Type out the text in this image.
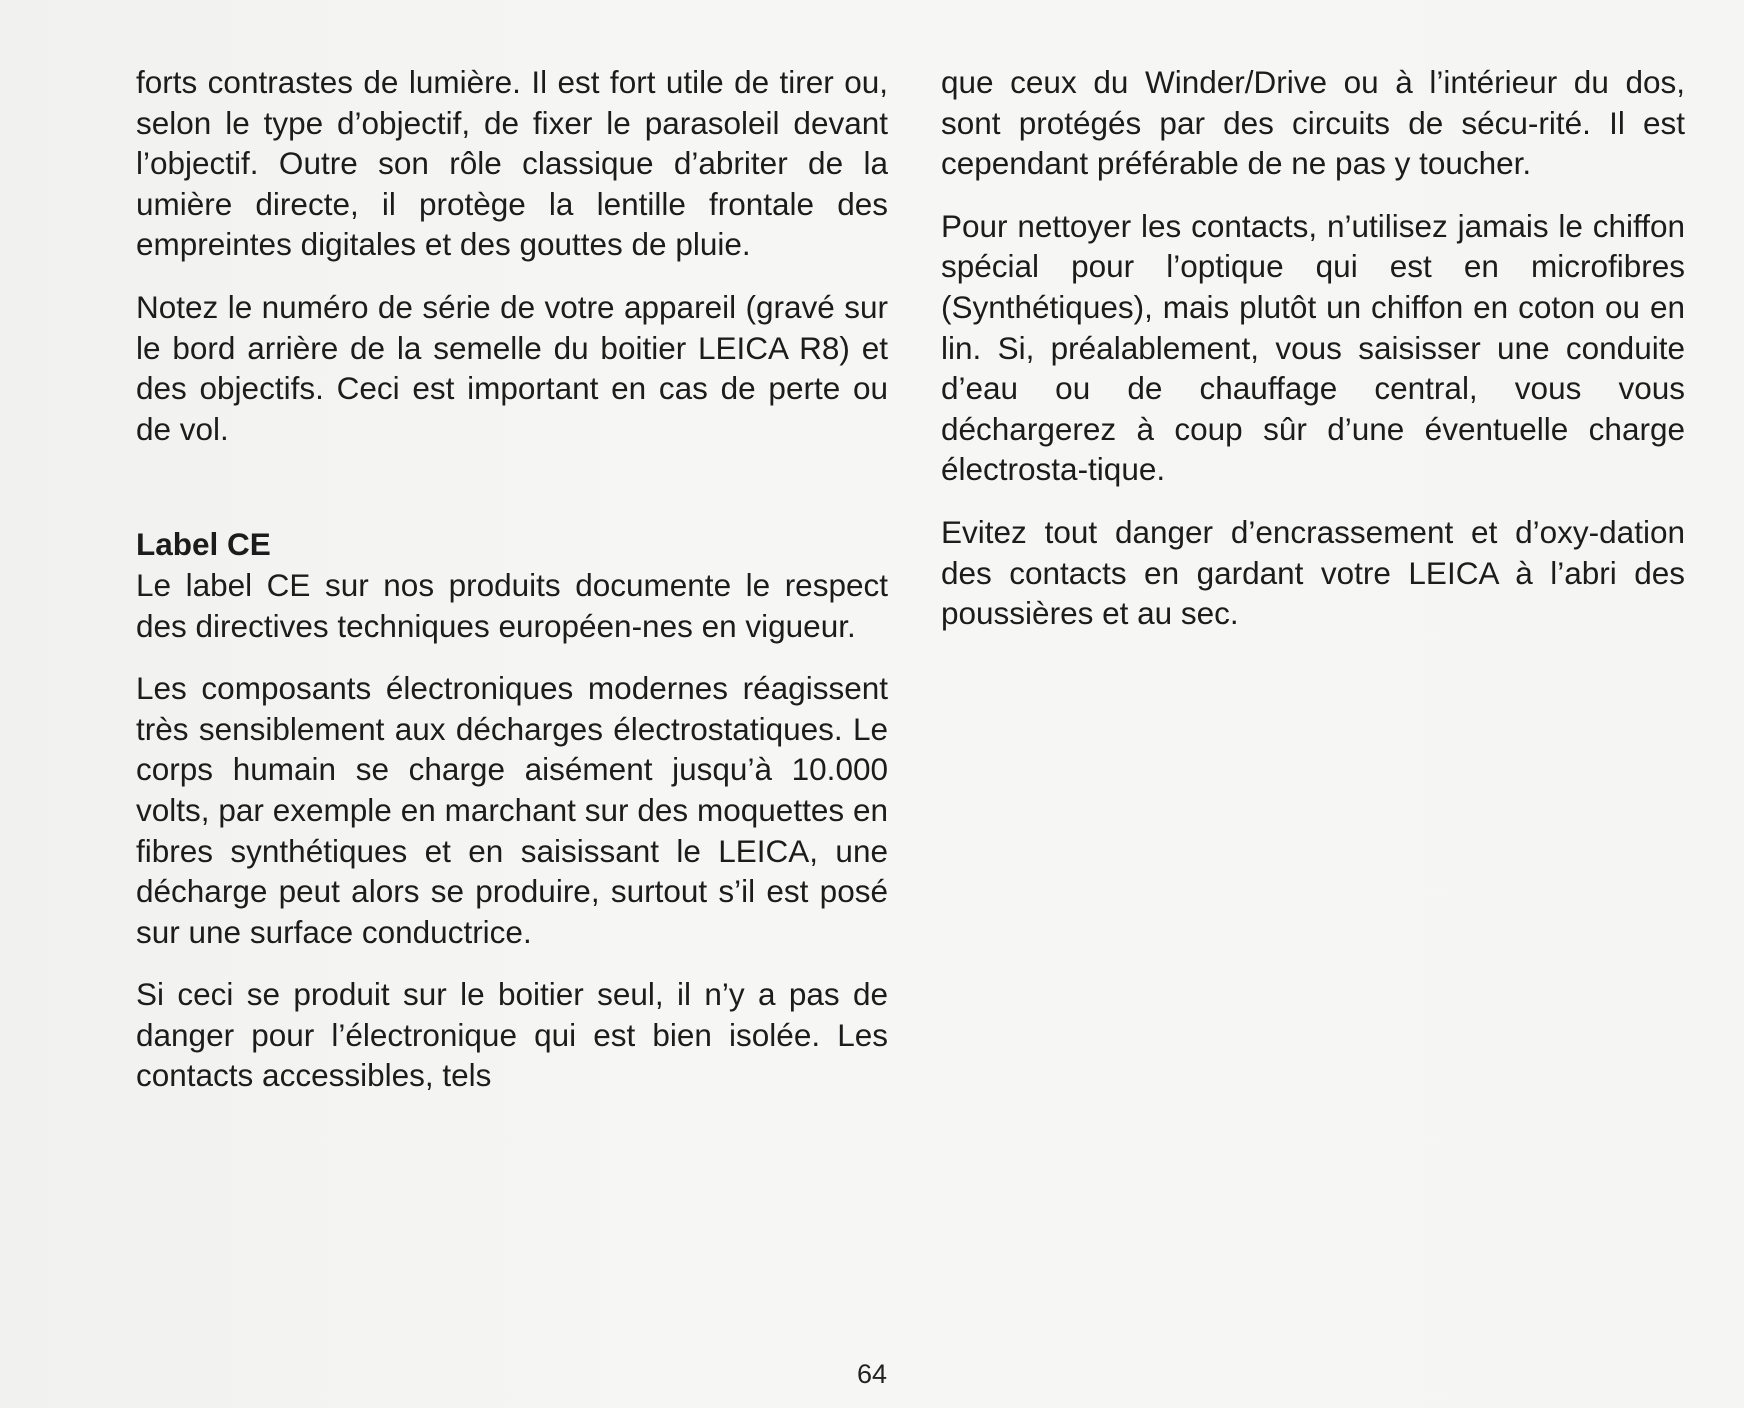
forts contrastes de lumière. Il est fort utile de tirer ou, selon le type d’objectif, de fixer le parasoleil devant l’objectif. Outre son rôle classique d’abriter de la umière directe, il protège la lentille frontale des empreintes digitales et des gouttes de pluie.

Notez le numéro de série de votre appareil (gravé sur le bord arrière de la semelle du boitier LEICA R8) et des objectifs. Ceci est important en cas de perte ou de vol.

Label CE

Le label CE sur nos produits documente le respect des directives techniques européen-nes en vigueur.

Les composants électroniques modernes réagissent très sensiblement aux décharges électrostatiques. Le corps humain se charge aisément jusqu’à 10.000 volts, par exemple en marchant sur des moquettes en fibres synthétiques et en saisissant le LEICA, une décharge peut alors se produire, surtout s’il est posé sur une surface conductrice.

Si ceci se produit sur le boitier seul, il n’y a pas de danger pour l’électronique qui est bien isolée. Les contacts accessibles, tels

que ceux du Winder/Drive ou à l’intérieur du dos, sont protégés par des circuits de sécu-rité. Il est cependant préférable de ne pas y toucher.

Pour nettoyer les contacts, n’utilisez jamais le chiffon spécial pour l’optique qui est en microfibres (Synthétiques), mais plutôt un chiffon en coton ou en lin. Si, préalablement, vous saisisser une conduite d’eau ou de chauffage central, vous vous déchargerez à coup sûr d’une éventuelle charge électrosta-tique.

Evitez tout danger d’encrassement et d’oxy-dation des contacts en gardant votre LEICA à l’abri des poussières et au sec.

64
